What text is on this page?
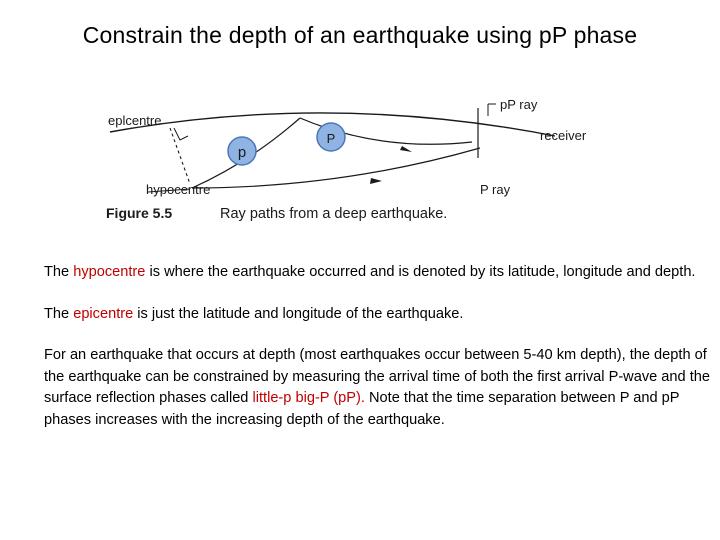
Constrain the depth of an earthquake using pP phase
p
P
eplcentre
hypocentre
pP ray
receiver
P ray
Figure 5.5	Ray paths from a deep earthquake.

The hypocentre is where the earthquake occurred and is denoted by its latitude, longitude and depth.

The epicentre is just the latitude and longitude of the earthquake.

For an earthquake that occurs at depth (most earthquakes occur between 5-40 km depth), the depth of the earthquake can be constrained by measuring the arrival time of both the first arrival P-wave and the surface reflection phases called little-p big-P (pP). Note that the time separation between P and pP phases increases with the increasing depth of the earthquake.
